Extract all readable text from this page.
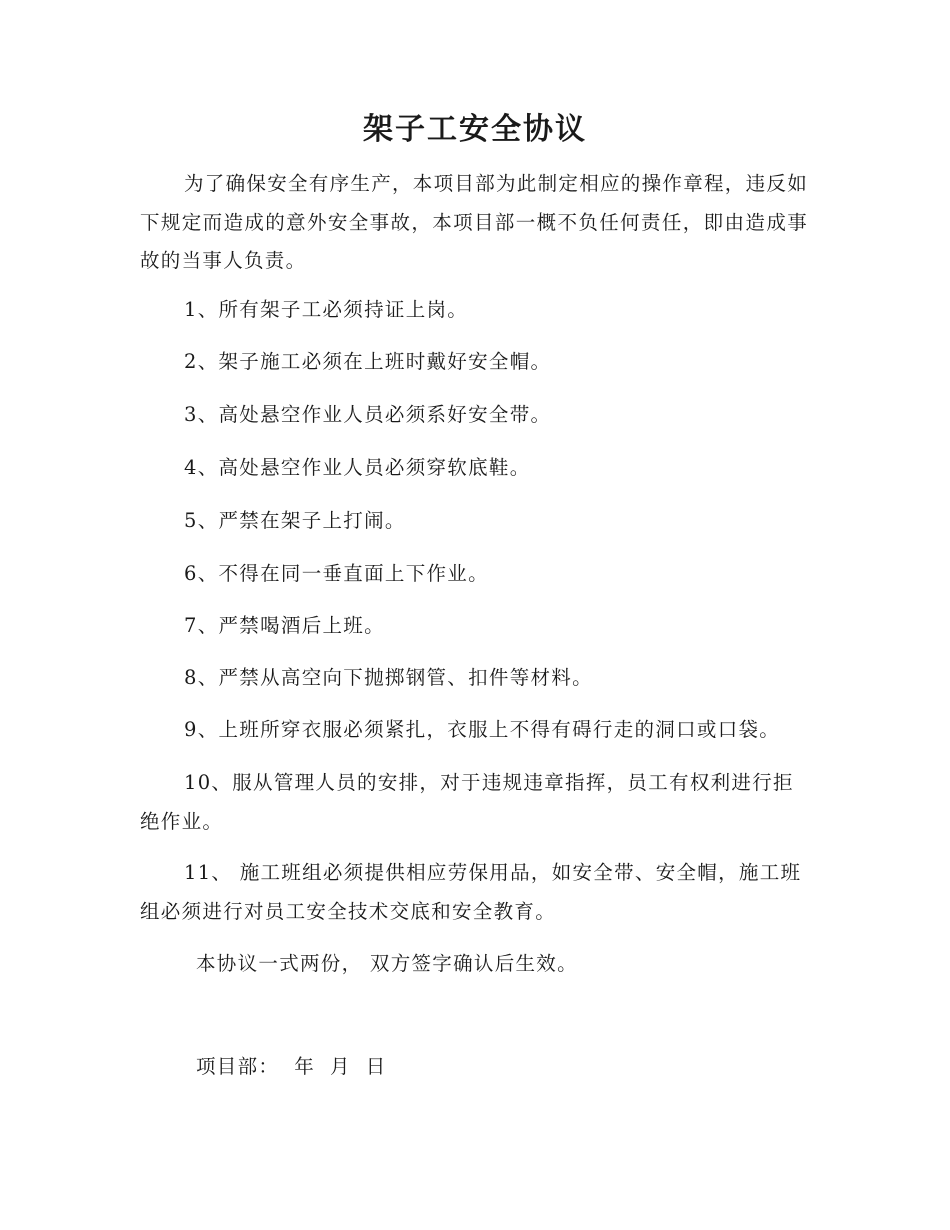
架子工安全协议

为了确保安全有序生产，本项目部为此制定相应的操作章程，违反如下规定而造成的意外安全事故，本项目部一概不负任何责任，即由造成事故的当事人负责。

1、所有架子工必须持证上岗。

2、架子施工必须在上班时戴好安全帽。

3、高处悬空作业人员必须系好安全带。

4、高处悬空作业人员必须穿软底鞋。

5、严禁在架子上打闹。

6、不得在同一垂直面上下作业。

7、严禁喝酒后上班。

8、严禁从高空向下抛掷钢管、扣件等材料。

9、上班所穿衣服必须紧扎，衣服上不得有碍行走的洞口或口袋。

10、服从管理人员的安排，对于违规违章指挥，员工有权利进行拒绝作业。

11、 施工班组必须提供相应劳保用品，如安全带、安全帽，施工班组必须进行对员工安全技术交底和安全教育。

本协议一式两份， 双方签字确认后生效。

项目部：  年  月  日
